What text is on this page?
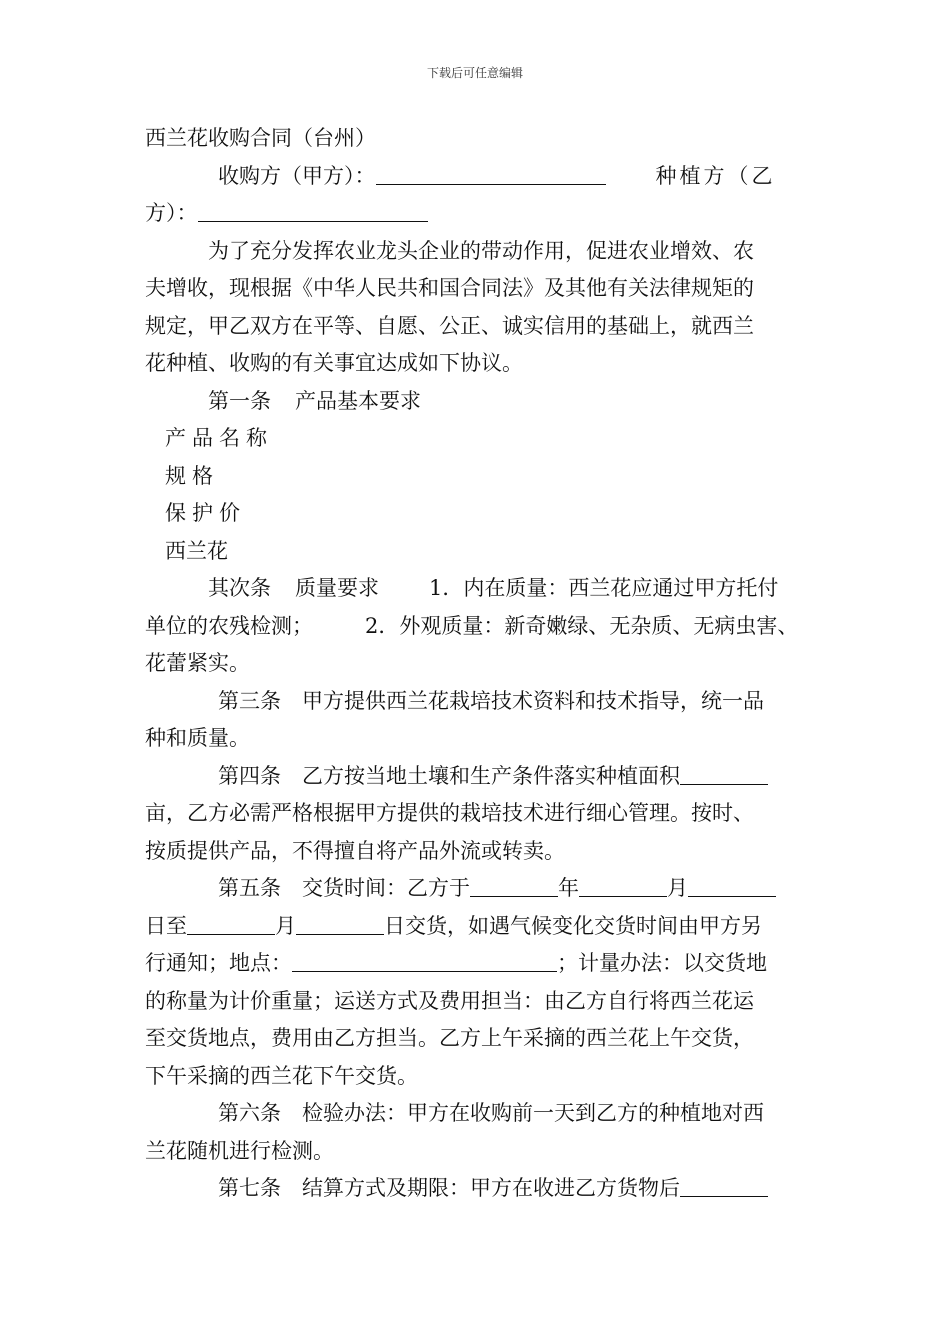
下载后可任意编辑
西兰花收购合同（台州）
收购方（甲方）：	种植方（乙
方）：
为了充分发挥农业龙头企业的带动作用，促进农业增效、农
夫增收，现根据《中华人民共和国合同法》及其他有关法律规矩的
规定，甲乙双方在平等、自愿、公正、诚实信用的基础上，就西兰
花种植、收购的有关事宜达成如下协议。
第一条 产品基本要求
产品名称
规格
保护价
西兰花
其次条 质量要求 1．内在质量：西兰花应通过甲方托付
单位的农残检测； 2．外观质量：新奇嫩绿、无杂质、无病虫害、
花蕾紧实。
第三条　甲方提供西兰花栽培技术资料和技术指导，统一品
种和质量。
第四条　乙方按当地土壤和生产条件落实种植面积
亩，乙方必需严格根据甲方提供的栽培技术进行细心管理。按时、
按质提供产品，不得擅自将产品外流或转卖。
第五条　交货时间：乙方于	年	月
日至	月	日交货，如遇气候变化交货时间由甲方另
行通知；地点：	；计量办法：以交货地
的称量为计价重量；运送方式及费用担当：由乙方自行将西兰花运
至交货地点，费用由乙方担当。乙方上午采摘的西兰花上午交货，
下午采摘的西兰花下午交货。
第六条　检验办法：甲方在收购前一天到乙方的种植地对西
兰花随机进行检测。
第七条　结算方式及期限：甲方在收进乙方货物后
